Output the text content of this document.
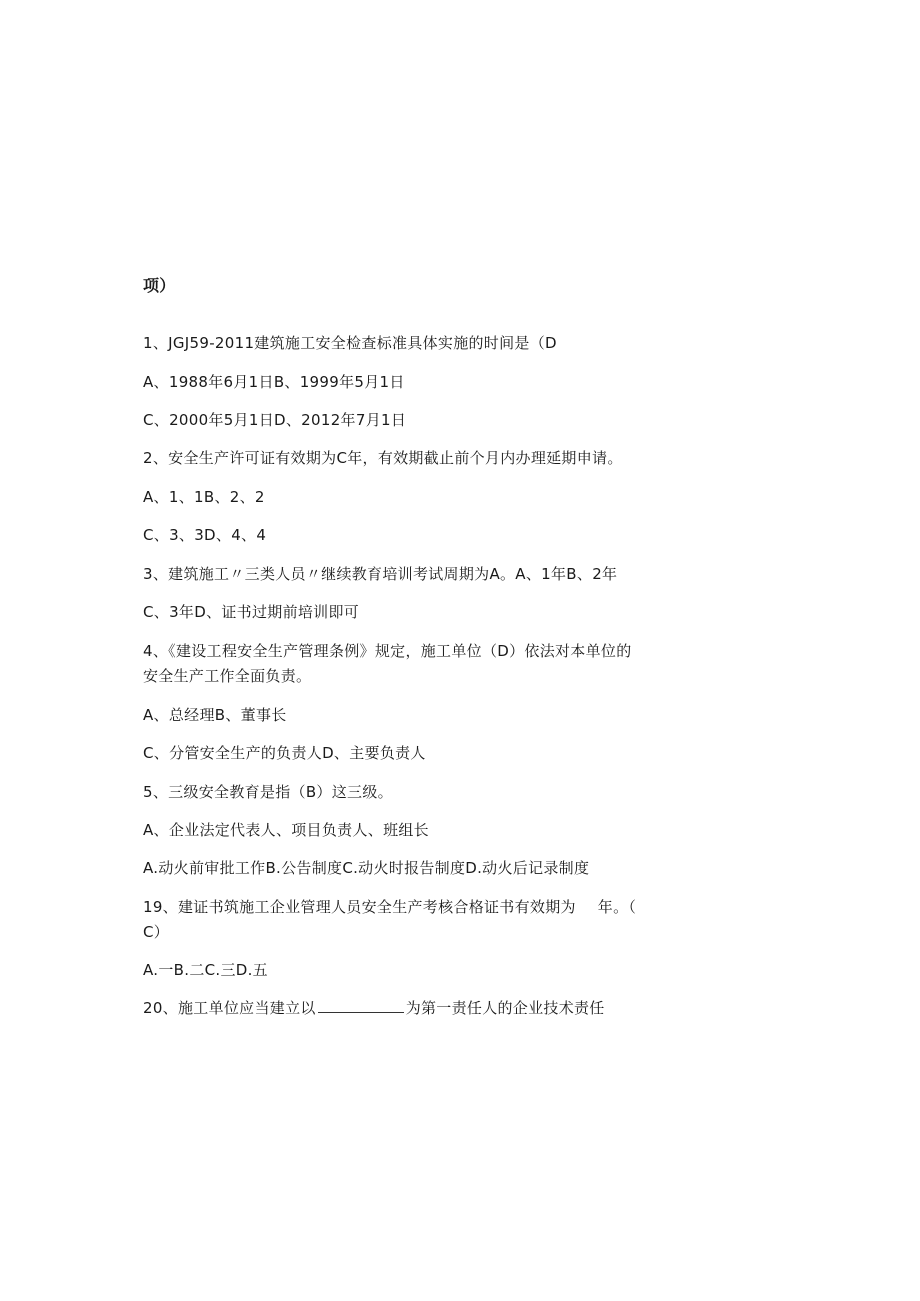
项）
1、JGJ59-2011建筑施工安全检查标准具体实施的时间是（D
A、1988年6月1日B、1999年5月1日
C、2000年5月1日D、2012年7月1日
2、安全生产许可证有效期为C年，有效期截止前个月内办理延期申请。
A、1、1B、2、2
C、3、3D、4、4
3、建筑施工〃三类人员〃继续教育培训考试周期为A。A、1年B、2年
C、3年D、证书过期前培训即可
4、《建设工程安全生产管理条例》规定，施工单位（D）依法对本单位的
安全生产工作全面负责。
A、总经理B、董事长
C、分管安全生产的负责人D、主要负责人
5、三级安全教育是指（B）这三级。
A、企业法定代表人、项目负责人、班组长
A.动火前审批工作B.公告制度C.动火时报告制度D.动火后记录制度
19、建证书筑施工企业管理人员安全生产考核合格证书有效期为 年。（
C）
A.一B.二C.三D.五
20、施工单位应当建立以	为第一责任人的企业技术责任
